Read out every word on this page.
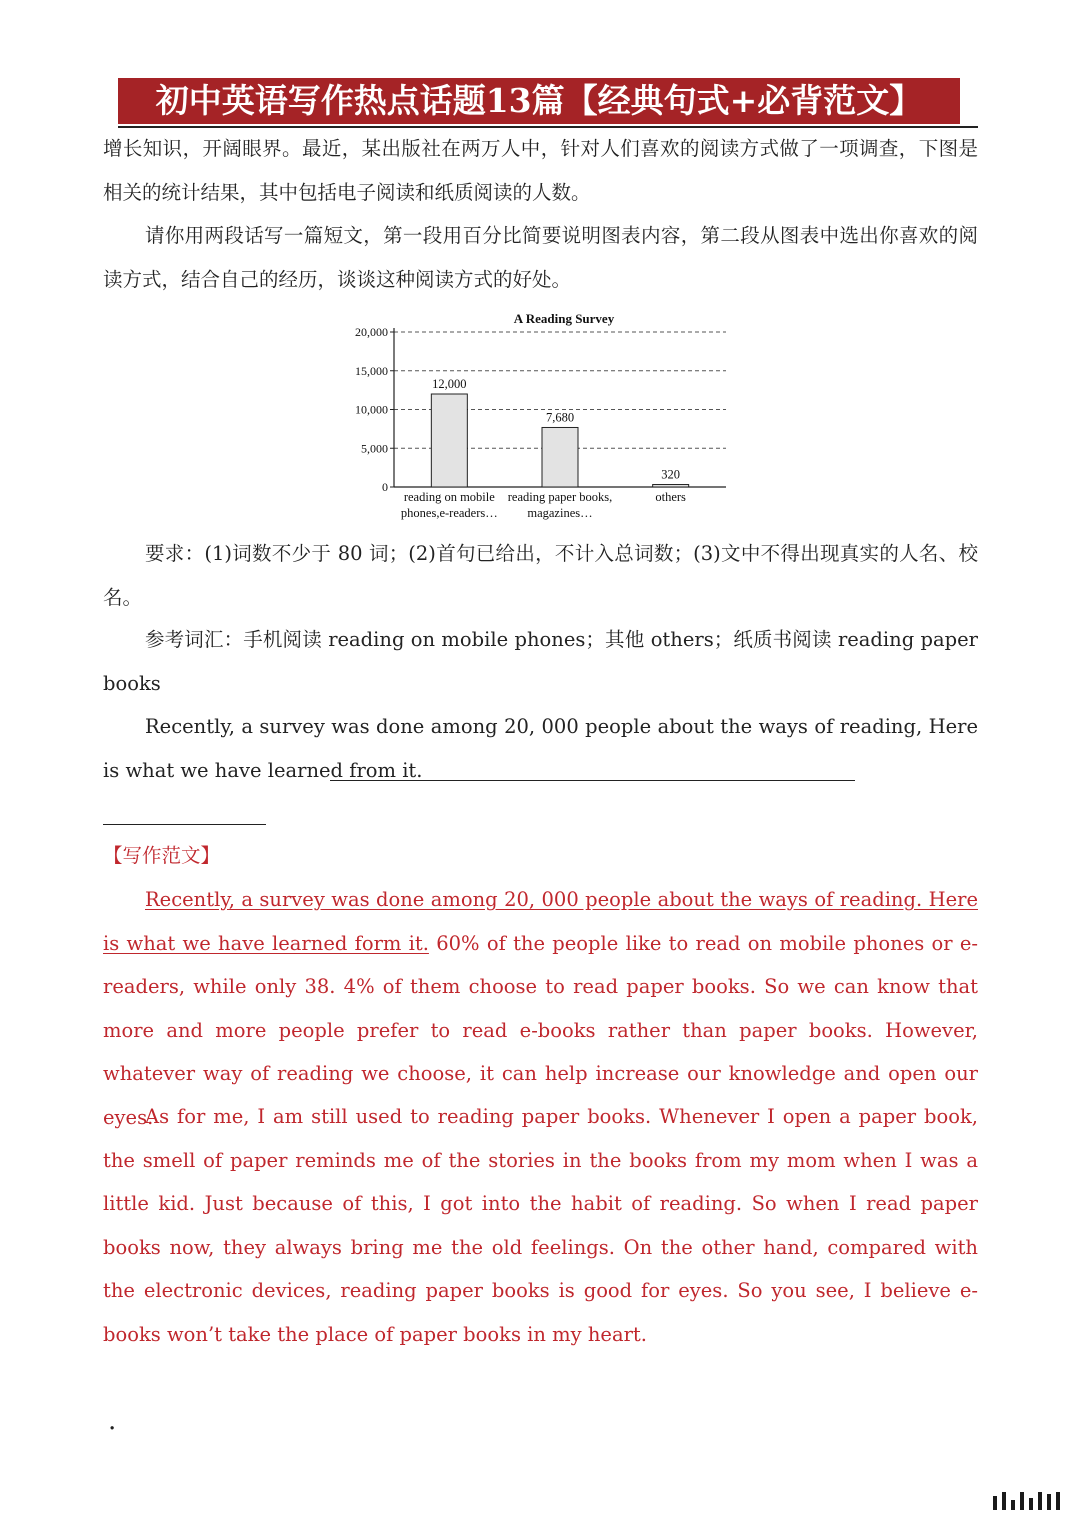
初中英语写作热点话题13篇【经典句式+必背范文】
增长知识，开阔眼界。最近，某出版社在两万人中，针对人们喜欢的阅读方式做了一项调查，下图是相关的统计结果，其中包括电子阅读和纸质阅读的人数。
请你用两段话写一篇短文，第一段用百分比简要说明图表内容，第二段从图表中选出你喜欢的阅读方式，结合自己的经历，谈谈这种阅读方式的好处。
A Reading Survey
0
5,000
10,000
15,000
20,000
12,000
reading on mobile
phones,e-readers…
7,680
reading paper books,
magazines…
320
others
要求：(1)词数不少于 80 词；(2)首句已给出，不计入总词数；(3)文中不得出现真实的人名、校名。
参考词汇：手机阅读 reading on mobile phones；其他 others；纸质书阅读 reading paper books
Recently, a survey was done among 20, 000 people about the ways of reading, Here is what we have learned from it.
【写作范文】
Recently, a survey was done among 20, 000 people about the ways of reading. Here is what we have learned form it. 60% of the people like to read on mobile phones or e-readers, while only 38. 4% of them choose to read paper books. So we can know that more and more people prefer to read e-books rather than paper books. However, whatever way of reading we choose, it can help increase our knowledge and open our eyes.
As for me, I am still used to reading paper books. Whenever I open a paper book, the smell of paper reminds me of the stories in the books from my mom when I was a little kid. Just because of this, I got into the habit of reading. So when I read paper books now, they always bring me the old feelings. On the other hand, compared with the electronic devices, reading paper books is good for eyes. So you see, I believe e-books won’t take the place of paper books in my heart.
.
